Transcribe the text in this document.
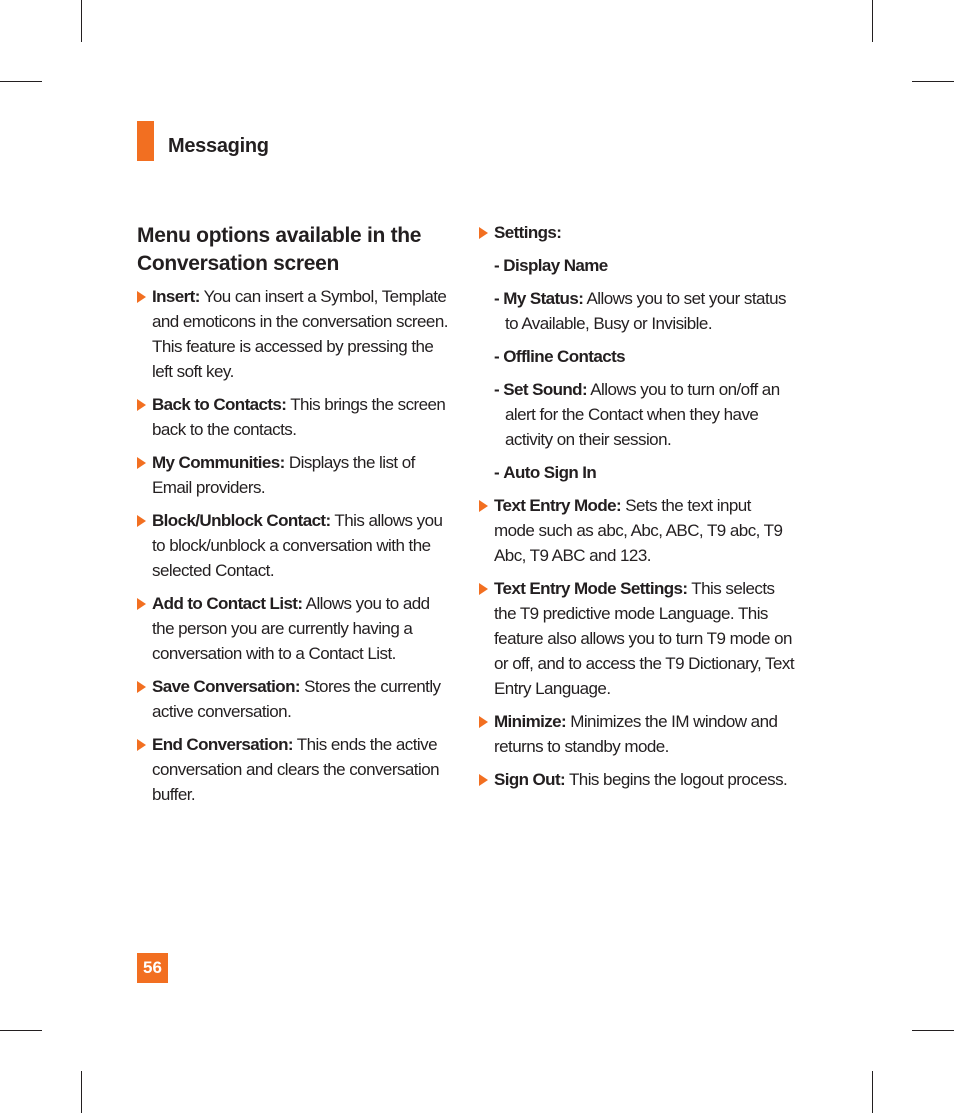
Messaging
Menu options available in the Conversation screen
Insert: You can insert a Symbol, Template and emoticons in the conversation screen. This feature is accessed by pressing the left soft key.
Back to Contacts: This brings the screen back to the contacts.
My Communities: Displays the list of Email providers.
Block/Unblock Contact: This allows you to block/unblock a conversation with the selected Contact.
Add to Contact List: Allows you to add the person you are currently having a conversation with to a Contact List.
Save Conversation: Stores the currently active conversation.
End Conversation: This ends the active conversation and clears the conversation buffer.
Settings:
- Display Name
- My Status: Allows you to set your status to Available, Busy or Invisible.
- Offline Contacts
- Set Sound: Allows you to turn on/off an alert for the Contact when they have activity on their session.
- Auto Sign In
Text Entry Mode: Sets the text input mode such as abc, Abc, ABC, T9 abc, T9 Abc, T9 ABC and 123.
Text Entry Mode Settings: This selects the T9 predictive mode Language. This feature also allows you to turn T9 mode on or off, and to access the T9 Dictionary, Text Entry Language.
Minimize: Minimizes the IM window and returns to standby mode.
Sign Out: This begins the logout process.
56
